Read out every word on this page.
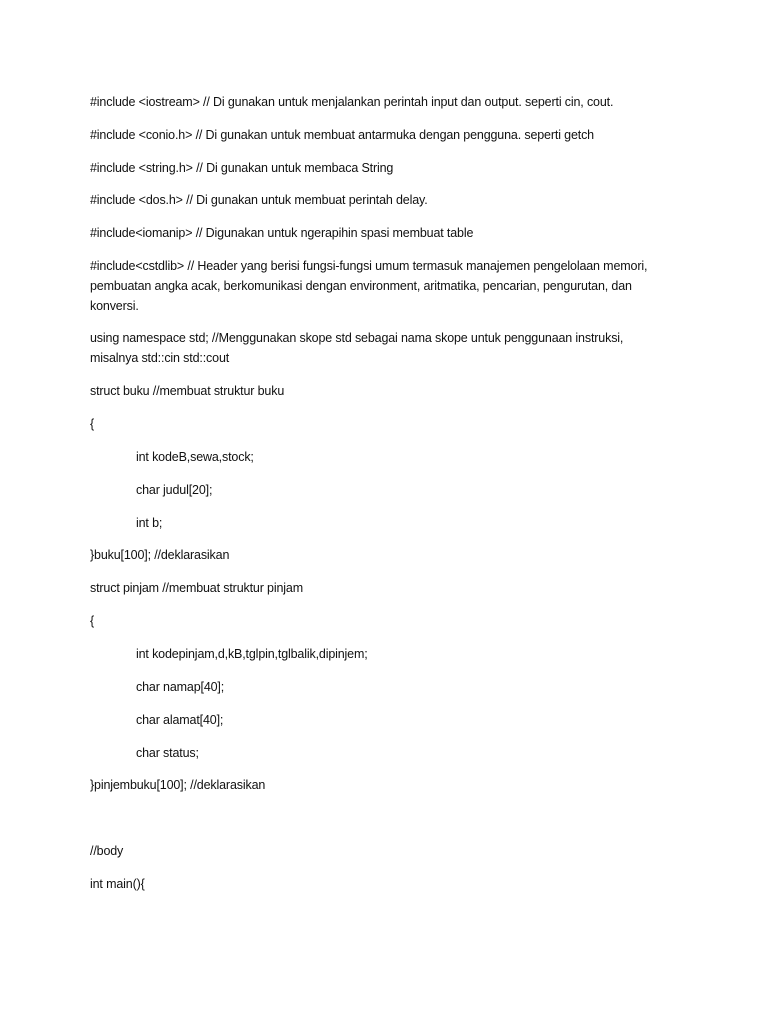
#include <iostream> // Di gunakan untuk menjalankan perintah input dan output. seperti cin, cout.
#include <conio.h> // Di gunakan untuk membuat antarmuka dengan pengguna. seperti getch
#include <string.h> // Di gunakan untuk membaca String
#include <dos.h> // Di gunakan untuk membuat perintah delay.
#include<iomanip> // Digunakan untuk ngerapihin spasi membuat table
#include<cstdlib> // Header yang berisi fungsi-fungsi umum termasuk manajemen pengelolaan memori,
pembuatan angka acak, berkomunikasi dengan environment, aritmatika, pencarian, pengurutan, dan
konversi.
using namespace std; //Menggunakan skope std sebagai nama skope untuk penggunaan instruksi,
misalnya std::cin std::cout
struct buku //membuat struktur buku
{
int kodeB,sewa,stock;
char judul[20];
int b;
}buku[100]; //deklarasikan
struct pinjam //membuat struktur pinjam
{
int kodepinjam,d,kB,tglpin,tglbalik,dipinjem;
char namap[40];
char alamat[40];
char status;
}pinjembuku[100]; //deklarasikan
//body
int main(){
